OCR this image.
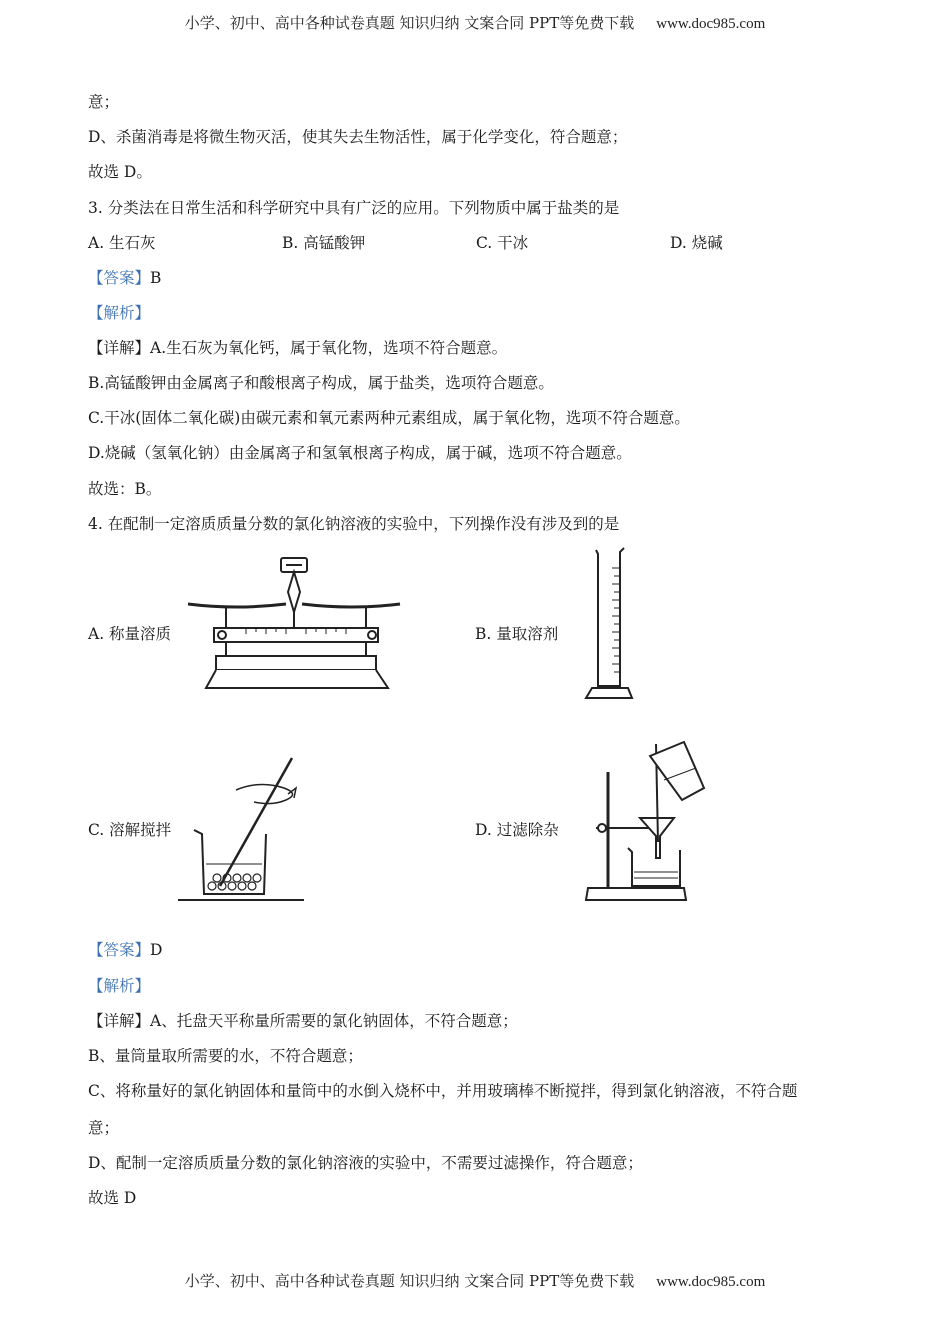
小学、初中、高中各种试卷真题 知识归纳 文案合同 PPT等免费下载 www.doc985.com
意；
D、杀菌消毒是将微生物灭活，使其失去生物活性，属于化学变化，符合题意；
故选 D。
3. 分类法在日常生活和科学研究中具有广泛的应用。下列物质中属于盐类的是
A. 生石灰	B. 高锰酸钾	C. 干冰	D. 烧碱
【答案】B
【解析】
【详解】A.生石灰为氧化钙，属于氧化物，选项不符合题意。
B.高锰酸钾由金属离子和酸根离子构成，属于盐类，选项符合题意。
C.干冰(固体二氧化碳)由碳元素和氧元素两种元素组成，属于氧化物，选项不符合题意。
D.烧碱（氢氧化钠）由金属离子和氢氧根离子构成，属于碱，选项不符合题意。
故选：B。
4. 在配制一定溶质质量分数的氯化钠溶液的实验中，下列操作没有涉及到的是
A. 称量溶质	B. 量取溶剂
C. 溶解搅拌	D. 过滤除杂
【答案】D
【解析】
【详解】A、托盘天平称量所需要的氯化钠固体，不符合题意；
B、量筒量取所需要的水，不符合题意；
C、将称量好的氯化钠固体和量筒中的水倒入烧杯中，并用玻璃棒不断搅拌，得到氯化钠溶液，不符合题
意；
D、配制一定溶质质量分数的氯化钠溶液的实验中，不需要过滤操作，符合题意；
故选 D
小学、初中、高中各种试卷真题 知识归纳 文案合同 PPT等免费下载 www.doc985.com
